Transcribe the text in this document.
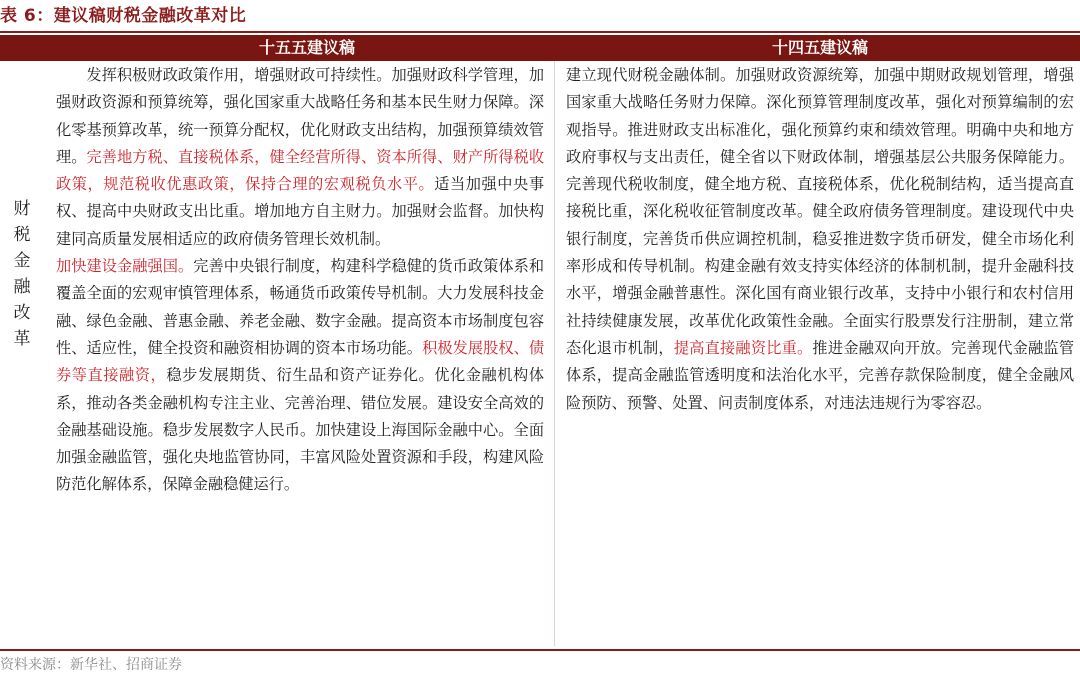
表 6：建议稿财税金融改革对比
十五五建议稿	十四五建议稿
财
税
金
融
改
革

发挥积极财政政策作用，增强财政可持续性。加强财政科学管理，加强财政资源和预算统筹，强化国家重大战略任务和基本民生财力保障。深化零基预算改革，统一预算分配权，优化财政支出结构，加强预算绩效管理。完善地方税、直接税体系，健全经营所得、资本所得、财产所得税收政策，规范税收优惠政策，保持合理的宏观税负水平。适当加强中央事权、提高中央财政支出比重。增加地方自主财力。加强财会监督。加快构建同高质量发展相适应的政府债务管理长效机制。

加快建设金融强国。完善中央银行制度，构建科学稳健的货币政策体系和覆盖全面的宏观审慎管理体系，畅通货币政策传导机制。大力发展科技金融、绿色金融、普惠金融、养老金融、数字金融。提高资本市场制度包容性、适应性，健全投资和融资相协调的资本市场功能。积极发展股权、债券等直接融资，稳步发展期货、衍生品和资产证券化。优化金融机构体系，推动各类金融机构专注主业、完善治理、错位发展。建设安全高效的金融基础设施。稳步发展数字人民币。加快建设上海国际金融中心。全面加强金融监管，强化央地监管协同，丰富风险处置资源和手段，构建风险防范化解体系，保障金融稳健运行。

建立现代财税金融体制。加强财政资源统筹，加强中期财政规划管理，增强国家重大战略任务财力保障。深化预算管理制度改革，强化对预算编制的宏观指导。推进财政支出标准化，强化预算约束和绩效管理。明确中央和地方政府事权与支出责任，健全省以下财政体制，增强基层公共服务保障能力。完善现代税收制度，健全地方税、直接税体系，优化税制结构，适当提高直接税比重，深化税收征管制度改革。健全政府债务管理制度。建设现代中央银行制度，完善货币供应调控机制，稳妥推进数字货币研发，健全市场化利率形成和传导机制。构建金融有效支持实体经济的体制机制，提升金融科技水平，增强金融普惠性。深化国有商业银行改革，支持中小银行和农村信用社持续健康发展，改革优化政策性金融。全面实行股票发行注册制，建立常态化退市机制，提高直接融资比重。推进金融双向开放。完善现代金融监管体系，提高金融监管透明度和法治化水平，完善存款保险制度，健全金融风险预防、预警、处置、问责制度体系，对违法违规行为零容忍。

资料来源：新华社、招商证券
